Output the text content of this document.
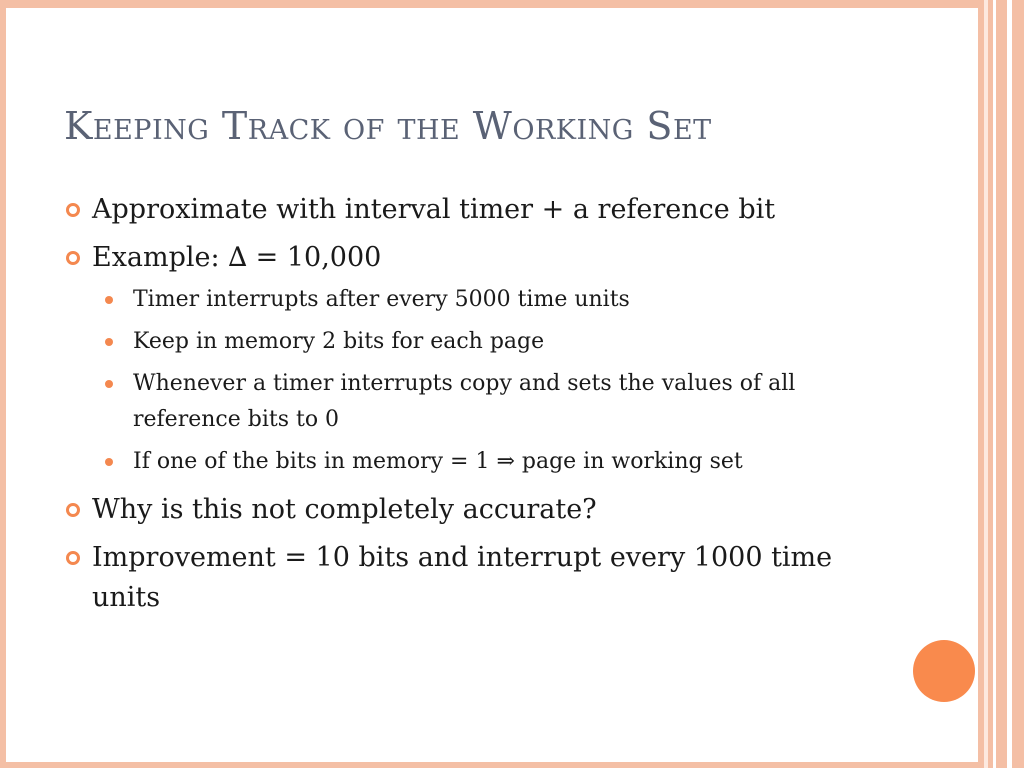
Keeping Track of the Working Set
Approximate with interval timer + a reference bit
Example: ∆ = 10,000
Timer interrupts after every 5000 time units
Keep in memory 2 bits for each page
Whenever a timer interrupts copy and sets the values of all reference bits to 0
If one of the bits in memory = 1 ⇒ page in working set
Why is this not completely accurate?
Improvement = 10 bits and interrupt every 1000 time units
